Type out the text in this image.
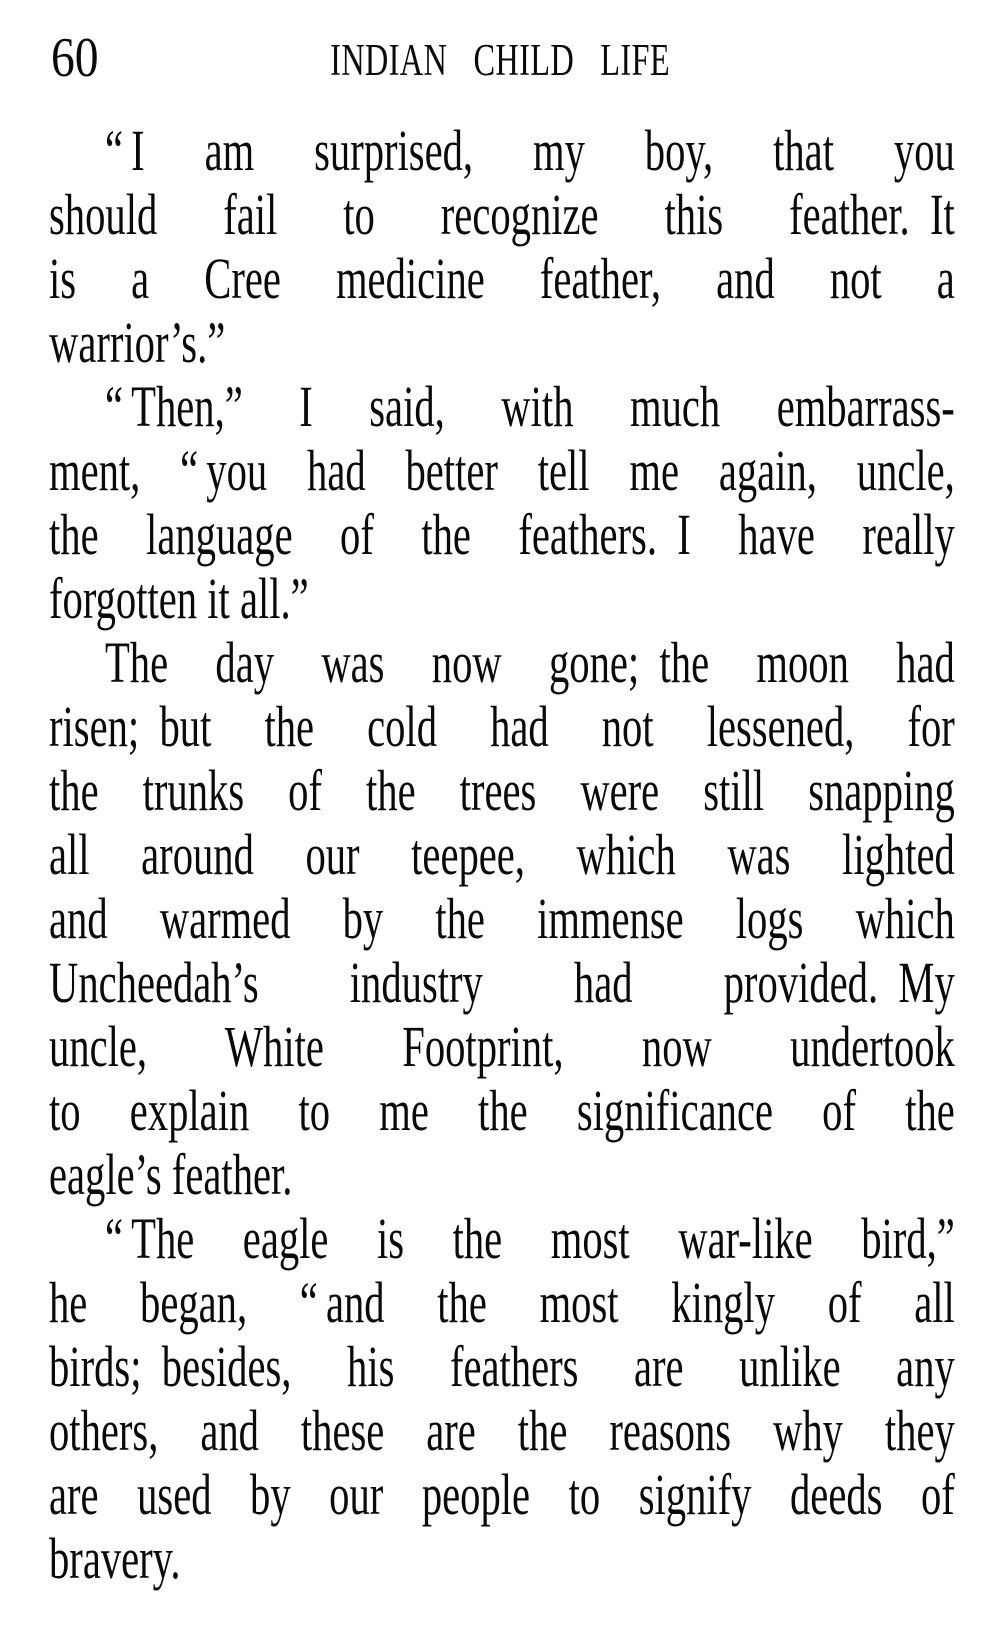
60	INDIAN CHILD LIFE
“ I am surprised, my boy, that you
should fail to recognize this feather. It
is a Cree medicine feather, and not a
warrior’s.”
“ Then,” I said, with much embarrass-
ment, “ you had better tell me again, uncle,
the language of the feathers. I have really
forgotten it all.”
The day was now gone; the moon had
risen; but the cold had not lessened, for
the trunks of the trees were still snapping
all around our teepee, which was lighted
and warmed by the immense logs which
Uncheedah’s industry had provided. My
uncle, White Footprint, now undertook
to explain to me the significance of the
eagle’s feather.
“ The eagle is the most war-like bird,”
he began, “ and the most kingly of all
birds; besides, his feathers are unlike any
others, and these are the reasons why they
are used by our people to signify deeds of
bravery.
